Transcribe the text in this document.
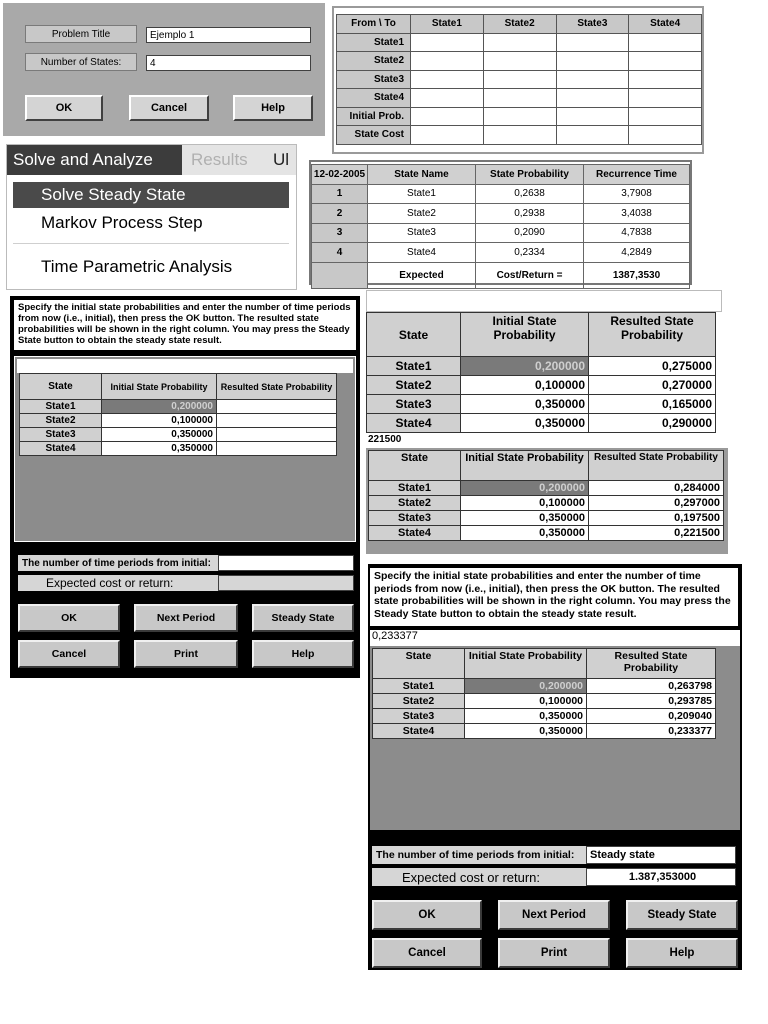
Problem Title	Ejemplo 1
Number of States:	4
OK	Cancel	Help
From \ To	State1	State2	State3	State4
State1				
State2				
State3				
State4				
Initial Prob.				
State Cost				
Solve and Analyze	Results Ul
Solve Steady State
Markov Process Step
Time Parametric Analysis
12-02-2005	State Name	State Probability	Recurrence Time
1	State1	0,2638	3,7908
2	State2	0,2938	3,4038
3	State3	0,2090	4,7838
4	State4	0,2334	4,2849
	Expected	Cost/Return =	1387,3530
Specify the initial state probabilities and enter the number of time periods from now (i.e., initial), then press the OK button. The resulted state probabilities will be shown in the right column. You may press the Steady State button to obtain the steady state result.
State	Initial State Probability	Resulted State Probability
State1	0,200000	
State2	0,100000	
State3	0,350000	
State4	0,350000	
The number of time periods from initial:
Expected cost or return:
OK	Next Period	Steady State
Cancel	Print	Help
State	Initial State Probability	Resulted State Probability
State1	0,200000	0,275000
State2	0,100000	0,270000
State3	0,350000	0,165000
State4	0,350000	0,290000
221500
State	Initial State Probability	Resulted State Probability
State1	0,200000	0,284000
State2	0,100000	0,297000
State3	0,350000	0,197500
State4	0,350000	0,221500
Specify the initial state probabilities and enter the number of time periods from now (i.e., initial), then press the OK button. The resulted state probabilities will be shown in the right column. You may press the Steady State button to obtain the steady state result.
0,233377
State	Initial State Probability	Resulted State Probability
State1	0,200000	0,263798
State2	0,100000	0,293785
State3	0,350000	0,209040
State4	0,350000	0,233377
The number of time periods from initial:	Steady state
Expected cost or return:	1.387,353000
OK	Next Period	Steady State
Cancel	Print	Help
